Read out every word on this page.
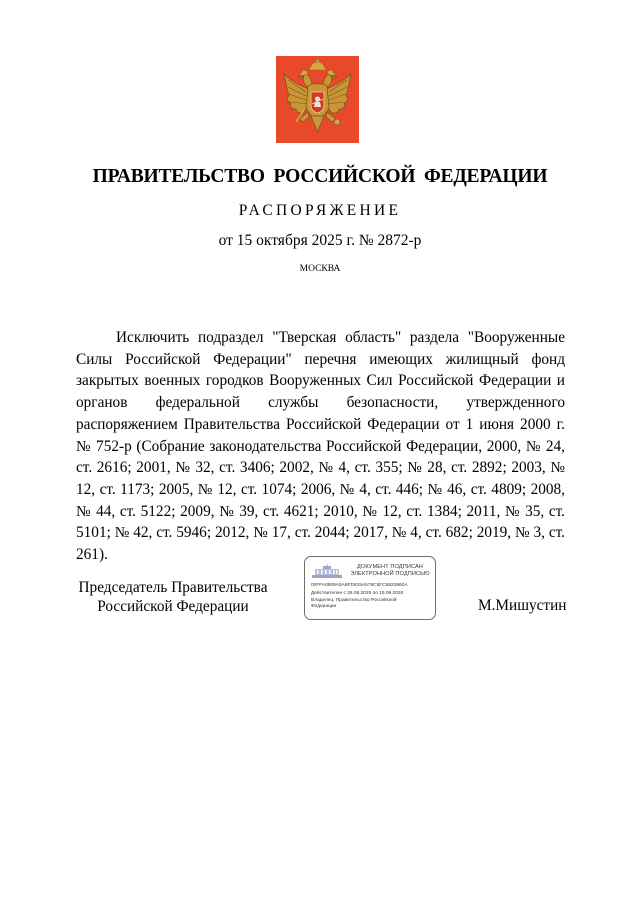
ПРАВИТЕЛЬСТВО РОССИЙСКОЙ ФЕДЕРАЦИИ
РАСПОРЯЖЕНИЕ
от 15 октября 2025 г. № 2872-р
МОСКВА

Исключить подраздел "Тверская область" раздела "Вооруженные Силы Российской Федерации" перечня имеющих жилищный фонд закрытых военных городков Вооруженных Сил Российской Федерации и органов федеральной службы безопасности, утвержденного распоряжением Правительства Российской Федерации от 1 июня 2000 г. № 752-р (Собрание законодательства Российской Федерации, 2000, № 24, ст. 2616; 2001, № 32, ст. 3406; 2002, № 4, ст. 355; № 28, ст. 2892; 2003, № 12, ст. 1173; 2005, № 12, ст. 1074; 2006, № 4, ст. 446; № 46, ст. 4809; 2008, № 44, ст. 5122; 2009, № 39, ст. 4621; 2010, № 12, ст. 1384; 2011, № 35, ст. 5101; № 42, ст. 5946; 2012, № 17, ст. 2044; 2017, № 4, ст. 682; 2019, № 3, ст. 261).

Председатель Правительства
Российской Федерации
ДОКУМЕНТ ПОДПИСАН
ЭЛЕКТРОННОЙ ПОДПИСЬЮ
00FFA0909A5A6FD915A579C5FC9823860A
Действителен с 26.06.2025 по 19.09.2026
Владелец: Правительство Российской
Федерации	М.Мишустин
